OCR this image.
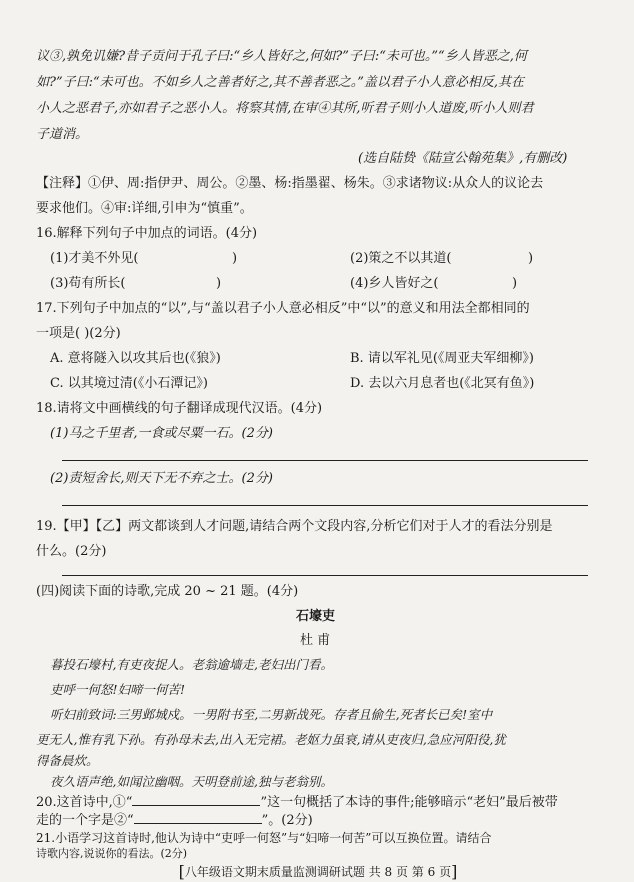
议③,孰免讥嫌?昔子贡问于孔子曰:“乡人皆好之,何如?”子曰:“未可也。”“乡人皆恶之,何
如?”子曰:“未可也。不如乡人之善者好之,其不善者恶之。”盖以君子小人意必相反,其在
小人之恶君子,亦如君子之恶小人。将察其情,在审④其所,听君子则小人道废,听小人则君
子道消。
(选自陆贽《陆宣公翰苑集》,有删改)
【注释】①伊、周:指伊尹、周公。②墨、杨:指墨翟、杨朱。③求诸物议:从众人的议论去
要求他们。④审:详细,引申为“慎重”。
16.解释下列句子中加点的词语。(4分)
(1)才美不外见(	)	(2)策之不以其道(	)
(3)苟有所长(	)	(4)乡人皆好之(	)
17.下列句子中加点的“以”,与“盖以君子小人意必相反”中“以”的意义和用法全都相同的
一项是( )(2分)
A. 意将隧入以攻其后也(《狼》)	B. 请以军礼见(《周亚夫军细柳》)
C. 以其境过清(《小石潭记》)	D. 去以六月息者也(《北冥有鱼》)
18.请将文中画横线的句子翻译成现代汉语。(4分)
(1)马之千里者,一食或尽粟一石。(2分)
(2)责短舍长,则天下无不弃之士。(2分)
19.【甲】【乙】两文都谈到人才问题,请结合两个文段内容,分析它们对于人才的看法分别是
什么。(2分)
(四)阅读下面的诗歌,完成 20 ~ 21 题。(4分)
石壕吏
杜 甫
暮投石壕村,有吏夜捉人。老翁逾墙走,老妇出门看。
吏呼一何怒!妇啼一何苦!
听妇前致词:三男邺城戍。一男附书至,二男新战死。存者且偷生,死者长已矣!室中
更无人,惟有乳下孙。有孙母未去,出入无完裙。老妪力虽衰,请从吏夜归,急应河阳役,犹
得备晨炊。
夜久语声绝,如闻泣幽咽。天明登前途,独与老翁别。
20.这首诗中,①“	”这一句概括了本诗的事件;能够暗示“老妇”最后被带
走的一个字是②“	”。(2分)
[ 八年级语文期末质量监测调研试题 共 8 页 第 6 页 ]
21.小语学习这首诗时,他认为诗中“吏呼一何怒”与“妇啼一何苦”可以互换位置。请结合
诗歌内容,说说你的看法。(2分)
